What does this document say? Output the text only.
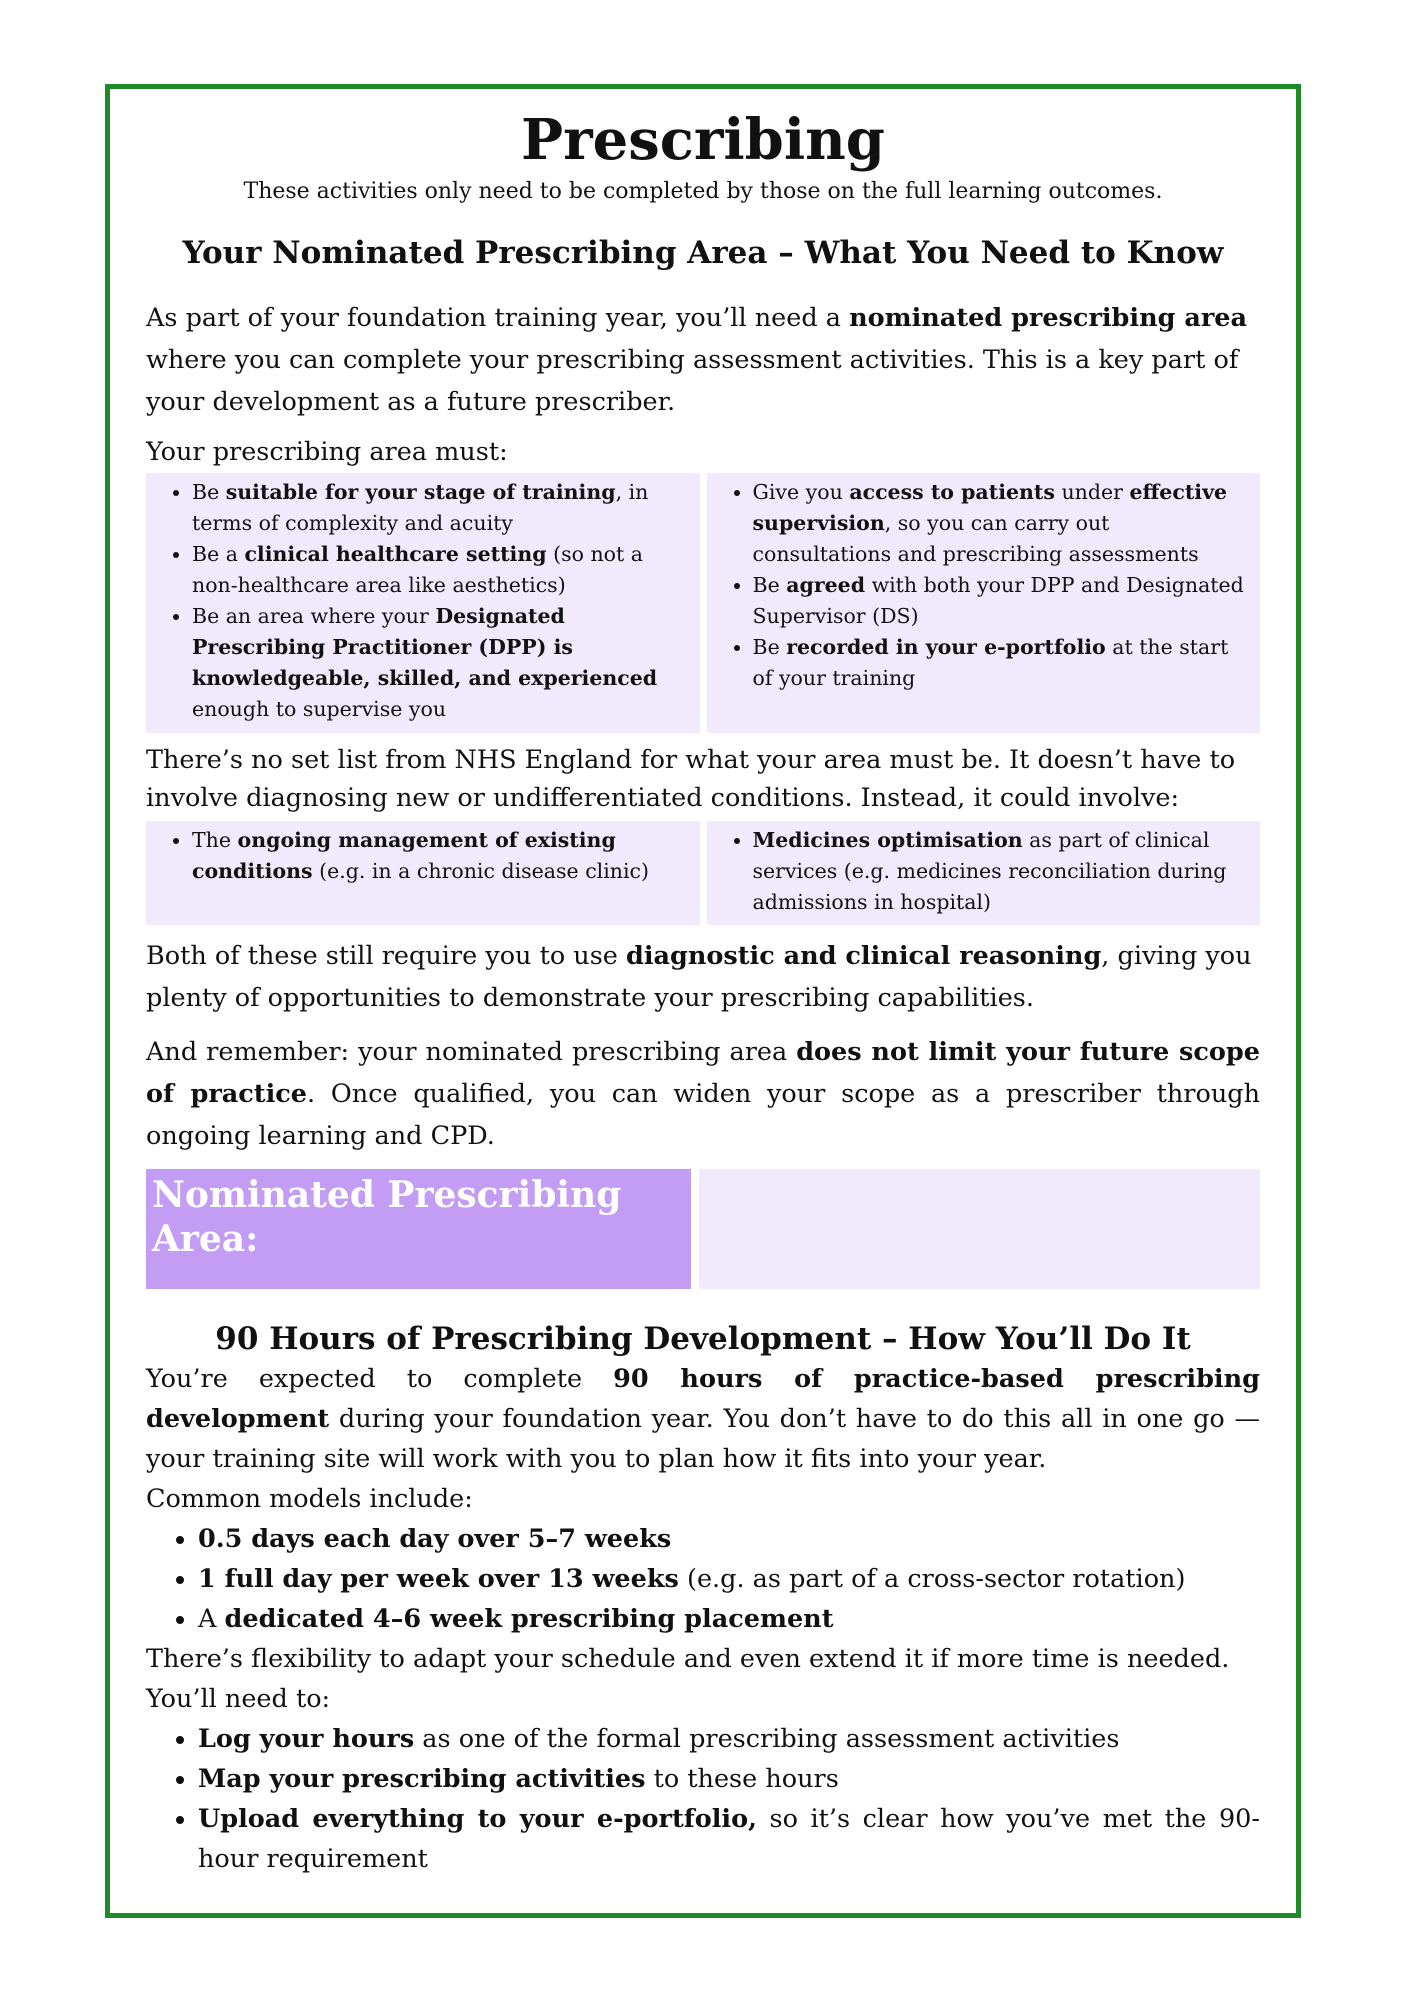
Prescribing
These activities only need to be completed by those on the full learning outcomes.
Your Nominated Prescribing Area – What You Need to Know

As part of your foundation training year, you’ll need a nominated prescribing area where you can complete your prescribing assessment activities. This is a key part of your development as a future prescriber.

Your prescribing area must:

• Be suitable for your stage of training, in terms of complexity and acuity
• Be a clinical healthcare setting (so not a non-healthcare area like aesthetics)
• Be an area where your Designated Prescribing Practitioner (DPP) is knowledgeable, skilled, and experienced enough to supervise you
• Give you access to patients under effective supervision, so you can carry out consultations and prescribing assessments
• Be agreed with both your DPP and Designated Supervisor (DS)
• Be recorded in your e-portfolio at the start of your training

There’s no set list from NHS England for what your area must be. It doesn’t have to involve diagnosing new or undifferentiated conditions. Instead, it could involve:

• The ongoing management of existing conditions (e.g. in a chronic disease clinic)
• Medicines optimisation as part of clinical services (e.g. medicines reconciliation during admissions in hospital)

Both of these still require you to use diagnostic and clinical reasoning, giving you plenty of opportunities to demonstrate your prescribing capabilities.

And remember: your nominated prescribing area does not limit your future scope of practice. Once qualified, you can widen your scope as a prescriber through ongoing learning and CPD.

Nominated Prescribing Area:
90 Hours of Prescribing Development – How You’ll Do It

You’re expected to complete 90 hours of practice-based prescribing development during your foundation year. You don’t have to do this all in one go — your training site will work with you to plan how it fits into your year.

Common models include:

• 0.5 days each day over 5–7 weeks
• 1 full day per week over 13 weeks (e.g. as part of a cross-sector rotation)
• A dedicated 4–6 week prescribing placement

There’s flexibility to adapt your schedule and even extend it if more time is needed.

You’ll need to:

• Log your hours as one of the formal prescribing assessment activities
• Map your prescribing activities to these hours
• Upload everything to your e-portfolio, so it’s clear how you’ve met the 90-hour requirement
